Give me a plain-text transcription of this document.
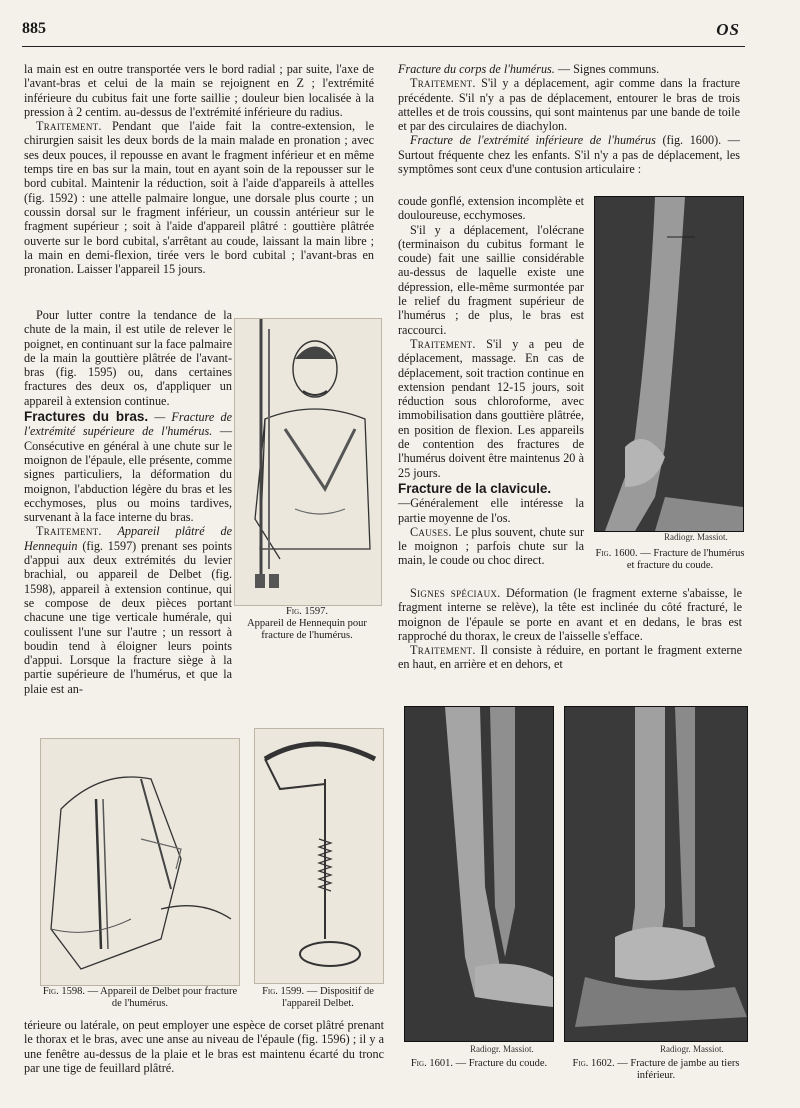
885	OS

la main est en outre transportée vers le bord radial ; par suite, l'axe de l'avant-bras et celui de la main se rejoignent en Z ; l'extrémité inférieure du cubitus fait une forte saillie ; douleur bien localisée à la pression à 2 centim. au-dessus de l'extrémité inférieure du radius.

Traitement. Pendant que l'aide fait la contre-extension, le chirurgien saisit les deux bords de la main malade en pronation ; avec ses deux pouces, il repousse en avant le fragment inférieur et en même temps tire en bas sur la main, tout en ayant soin de la repousser sur le bord cubital. Maintenir la réduction, soit à l'aide d'appareils à attelles (fig. 1592) : une attelle palmaire longue, une dorsale plus courte ; un coussin dorsal sur le fragment inférieur, un coussin antérieur sur le fragment supérieur ; soit à l'aide d'appareil plâtré : gouttière plâtrée ouverte sur le bord cubital, s'arrêtant au coude, laissant la main libre ; la main en demi-flexion, tirée vers le bord cubital ; l'avant-bras en pronation. Laisser l'appareil 15 jours.

Pour lutter contre la tendance de la chute de la main, il est utile de relever le poignet, en continuant sur la face palmaire de la main la gouttière plâtrée de l'avant-bras (fig. 1595) ou, dans certaines fractures des deux os, d'appliquer un appareil à extension continue.

Fractures du bras. — Fracture de l'extrémité supérieure de l'humérus. — Consécutive en général à une chute sur le moignon de l'épaule, elle présente, comme signes particuliers, la déformation du moignon, l'abduction légère du bras et les ecchymoses, plus ou moins tardives, survenant à la face interne du bras.

Traitement. Appareil plâtré de Hennequin (fig. 1597) prenant ses points d'appui aux deux extrémités du levier brachial, ou appareil de Delbet (fig. 1598), appareil à extension continue, qui se compose de deux pièces portant chacune une tige verticale humérale, qui coulissent l'une sur l'autre ; un ressort à boudin tend à éloigner leurs points d'appui. Lorsque la fracture siège à la partie supérieure de l'humérus, et que la plaie est an-

Fig. 1597.
Appareil de Hennequin pour fracture de l'humérus.
Fig. 1598. — Appareil de Delbet pour fracture de l'humérus.
Fig. 1599. — Dispositif de l'appareil Delbet.

térieure ou latérale, on peut employer une espèce de corset plâtré prenant le thorax et le bras, avec une anse au niveau de l'épaule (fig. 1596) ; il y a une fenêtre au-dessus de la plaie et le bras est maintenu écarté du tronc par une tige de feuillard plâtré.

Fracture du corps de l'humérus. — Signes communs.

Traitement. S'il y a déplacement, agir comme dans la fracture précédente. S'il n'y a pas de déplacement, entourer le bras de trois attelles et de trois coussins, qui sont maintenus par une bande de toile et par des circulaires de diachylon.

Fracture de l'extrémité inférieure de l'humérus (fig. 1600). — Surtout fréquente chez les enfants. S'il n'y a pas de déplacement, les symptômes sont ceux d'une contusion articulaire :

coude gonflé, extension incomplète et douloureuse, ecchymoses.

S'il y a déplacement, l'olécrane (terminaison du cubitus formant le coude) fait une saillie considérable au-dessus de laquelle existe une dépression, elle-même surmontée par le relief du fragment supérieur de l'humérus ; de plus, le bras est raccourci.

Traitement. S'il y a peu de déplacement, massage. En cas de déplacement, soit traction continue en extension pendant 12-15 jours, soit réduction sous chloroforme, avec immobilisation dans gouttière plâtrée, en position de flexion. Les appareils de contention des fractures de l'humérus doivent être maintenus 20 à 25 jours.

Fracture de la clavicule.

—Généralement elle intéresse la partie moyenne de l'os.

Causes. Le plus souvent, chute sur le moignon ; parfois chute sur la main, le coude ou choc direct.

Radiogr. Massiot.
Fig. 1600. — Fracture de l'humérus et fracture du coude.

Signes spéciaux. Déformation (le fragment externe s'abaisse, le fragment interne se relève), la tête est inclinée du côté fracturé, le moignon de l'épaule se porte en avant et en dedans, le bras est rapproché du thorax, le creux de l'aisselle s'efface.

Traitement. Il consiste à réduire, en portant le fragment externe en haut, en arrière et en dehors, et

Radiogr. Massiot.
Fig. 1601. — Fracture du coude.
Radiogr. Massiot.
Fig. 1602. — Fracture de jambe au tiers inférieur.
